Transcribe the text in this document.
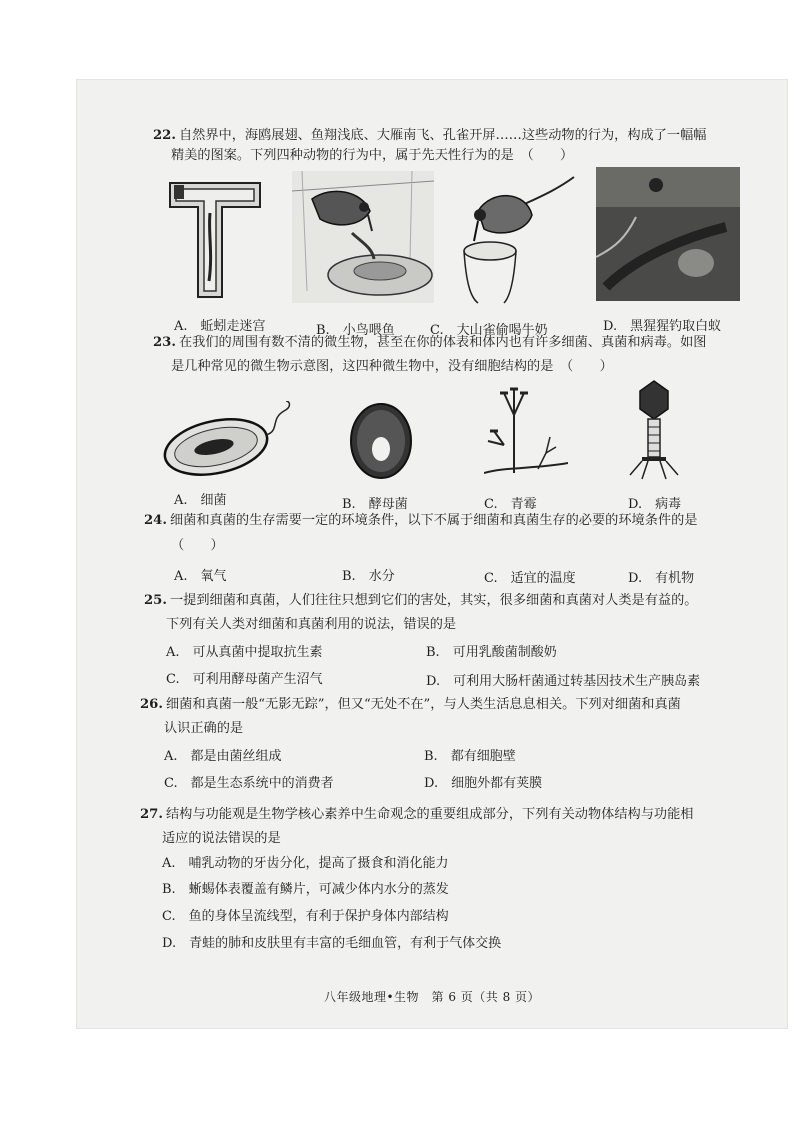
22. 自然界中，海鸥展翅、鱼翔浅底、大雁南飞、孔雀开屏……这些动物的行为，构成了一幅幅
精美的图案。下列四种动物的行为中，属于先天性行为的是　（　　）
A.　 蚯蚓走迷宫	B.　 小鸟喂鱼	C.　 大山雀偷喝牛奶	D.　 黑猩猩钓取白蚁
23. 在我们的周围有数不清的微生物，甚至在你的体表和体内也有许多细菌、真菌和病毒。如图
是几种常见的微生物示意图，这四种微生物中，没有细胞结构的是　（　　）
A.　 细菌	B.　 酵母菌	C.　 青霉	D.　 病毒
24. 细菌和真菌的生存需要一定的环境条件，以下不属于细菌和真菌生存的必要的环境条件的是
（　　）
A.　 氧气	B.　 水分	C.　 适宜的温度	D.　 有机物
25. 一提到细菌和真菌，人们往往只想到它们的害处，其实，很多细菌和真菌对人类是有益的。
下列有关人类对细菌和真菌利用的说法，错误的是
A.　 可从真菌中提取抗生素	B.　 可用乳酸菌制酸奶
C.　 可利用酵母菌产生沼气	D.　 可利用大肠杆菌通过转基因技术生产胰岛素
26. 细菌和真菌一般“无影无踪”，但又“无处不在”，与人类生活息息相关。下列对细菌和真菌
认识正确的是
A.　 都是由菌丝组成	B.　 都有细胞壁
C.　 都是生态系统中的消费者	D.　 细胞外都有荚膜
27. 结构与功能观是生物学核心素养中生命观念的重要组成部分，下列有关动物体结构与功能相
适应的说法错误的是
A.　 哺乳动物的牙齿分化，提高了摄食和消化能力
B.　 蜥蜴体表覆盖有鳞片，可减少体内水分的蒸发
C.　 鱼的身体呈流线型，有利于保护身体内部结构
D.　 青蛙的肺和皮肤里有丰富的毛细血管，有利于气体交换
八年级地理•生物　第 6 页（共 8 页）
